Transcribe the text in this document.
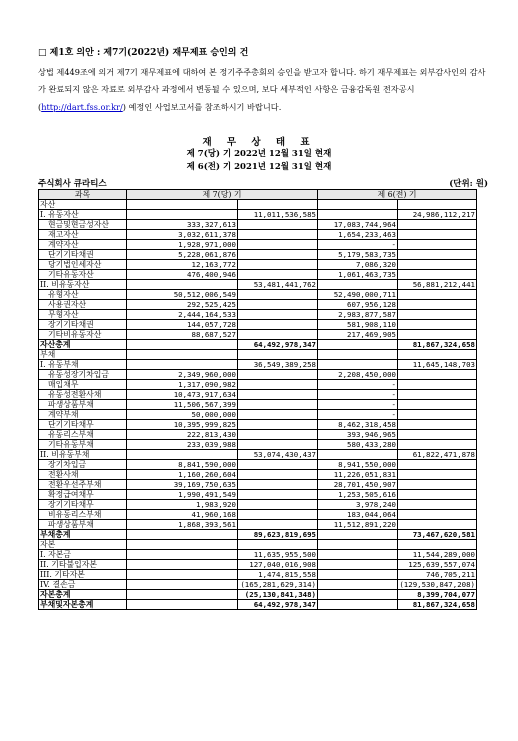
□ 제1호 의안 : 제7기(2022년) 재무제표 승인의 건
상법 제449조에 의거 제7기 재무제표에 대하여 본 정기주주총회의 승인을 받고자 합니다. 하기 재무제표는 외부감사인의 감사가 완료되지 않은 자료로 외부감사 과정에서 변동될 수 있으며, 보다 세부적인 사항은 금융감독원 전자공시(http://dart.fss.or.kr/) 예정인 사업보고서를 참조하시기 바랍니다.
재 무 상 태 표
제 7(당) 기 2022년 12월 31일 현재
제 6(전) 기 2021년 12월 31일 현재
주식회사 큐라티스	(단위: 원)
과목	제 7(당) 기		제 6(전) 기	
자산				
I. 유동자산		11,011,536,585		24,986,112,217
현금및현금성자산	333,327,613		17,083,744,964	
재고자산	3,032,611,378		1,654,233,463	
계약자산	1,928,971,000		-	
단기기타채권	5,228,061,876		5,179,583,735	
당기법인세자산	12,163,772		7,086,320	
기타유동자산	476,400,946		1,061,463,735	
II. 비유동자산		53,481,441,762		56,881,212,441
유형자산	50,512,006,549		52,490,000,711	
사용권자산	292,525,425		607,956,128	
무형자산	2,444,164,533		2,983,877,587	
장기기타채권	144,057,728		581,908,110	
기타비유동자산	88,687,527		217,469,905	
자산총계		64,492,978,347		81,867,324,658
부채				
I. 유동부채		36,549,389,258		11,645,148,703
유동성장기차입금	2,349,960,000		2,208,450,000	
매입채무	1,317,090,982		-	
유동성전환사채	10,473,917,634		-	
파생상품부채	11,506,567,399		-	
계약부채	50,000,000		-	
단기기타채무	10,395,999,825		8,462,318,458	
유동리스부채	222,813,430		393,946,965	
기타유동부채	233,039,988		580,433,280	
II. 비유동부채		53,074,430,437		61,822,471,878
장기차입금	8,841,590,000		8,941,550,000	
전환사채	1,160,260,604		11,226,051,831	
전환우선주부채	39,169,750,635		28,701,450,907	
확정급여채무	1,990,491,549		1,253,505,616	
장기기타채무	1,983,920		3,978,240	
비유동리스부채	41,960,168		183,044,064	
파생상품부채	1,868,393,561		11,512,891,220	
부채총계		89,623,819,695		73,467,620,581
자본				
I. 자본금		11,635,955,500		11,544,289,000
II. 기타불입자본		127,040,016,908		125,639,557,074
III. 기타자본		1,474,815,558		746,705,211
IV. 결손금		(165,281,629,314)		(129,530,847,208)
자본총계		(25,130,841,348)		8,399,704,077
부채및자본총계		64,492,978,347		81,867,324,658
